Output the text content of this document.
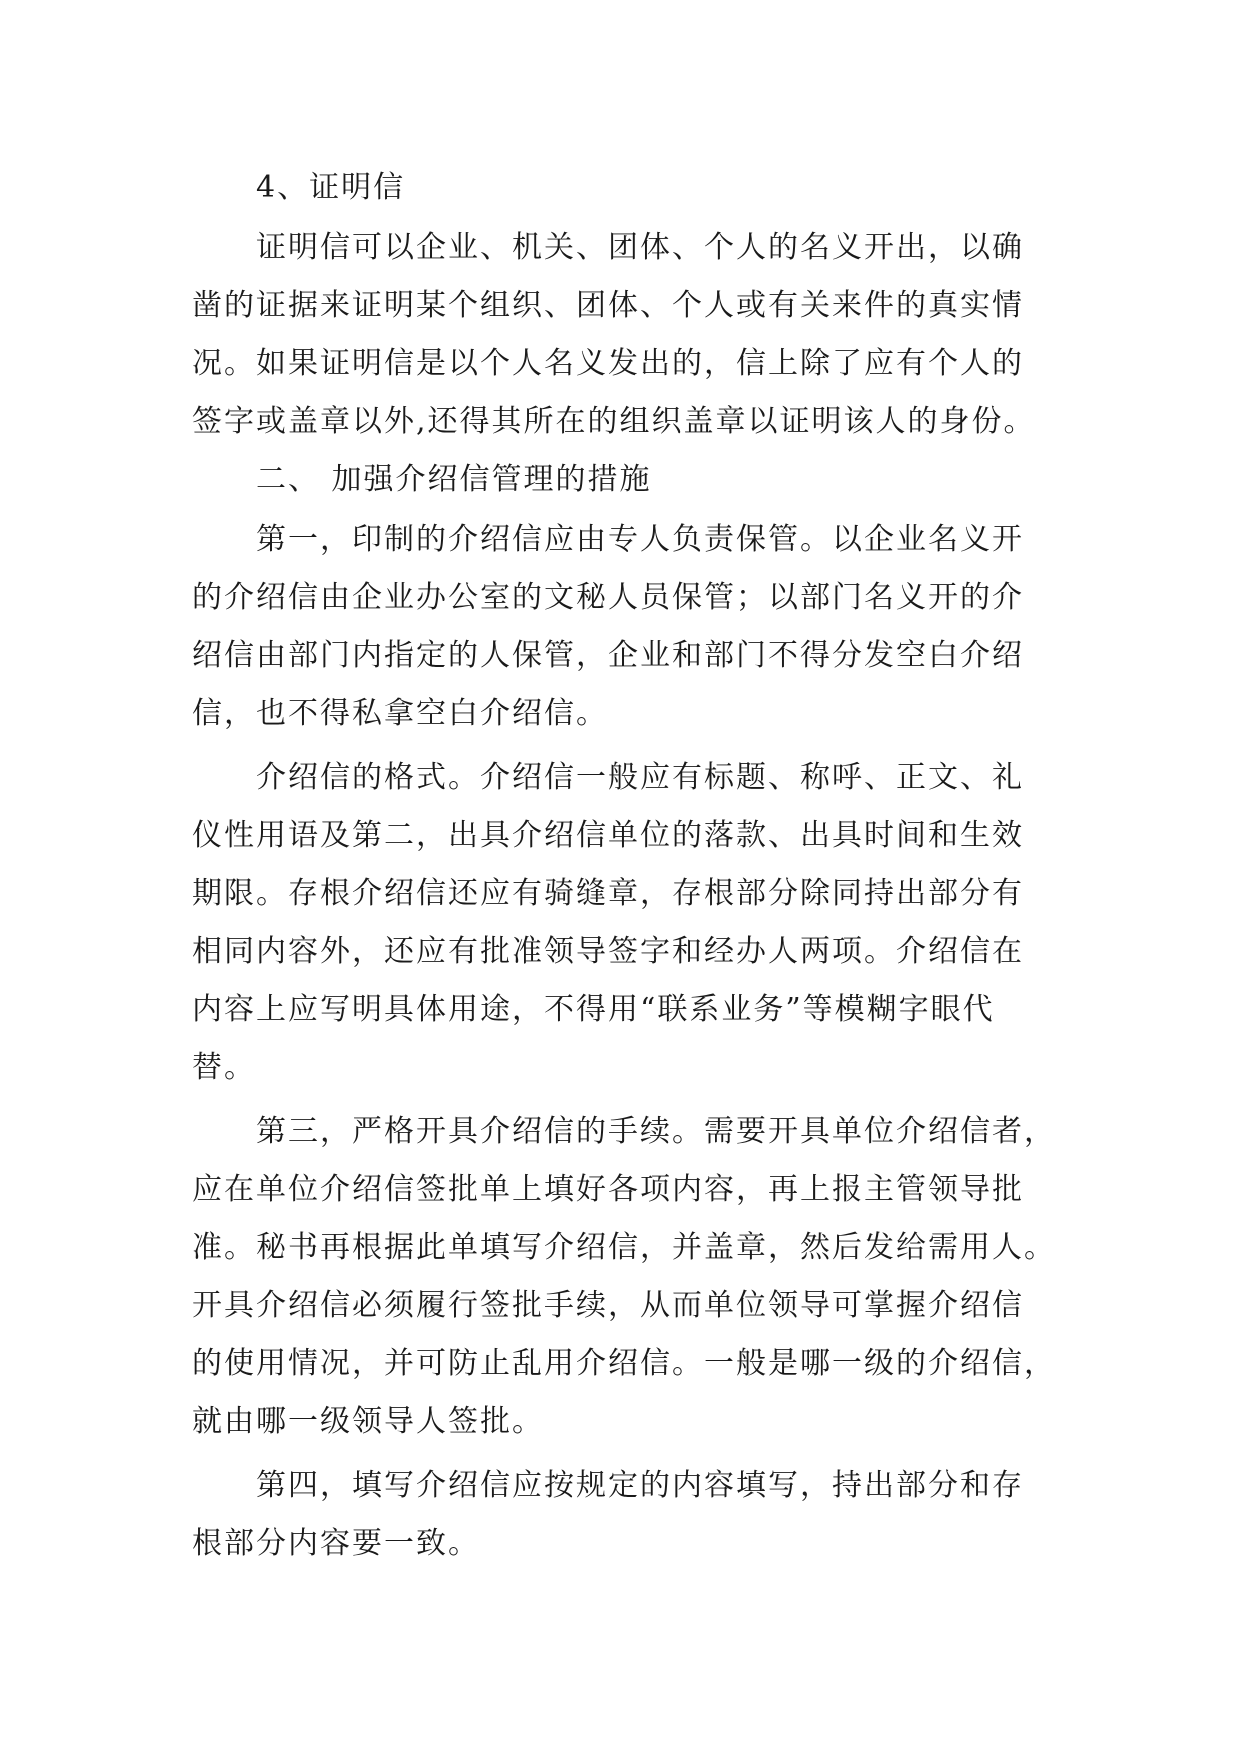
4、证明信
证明信可以企业、机关、团体、个人的名义开出，以确
凿的证据来证明某个组织、团体、个人或有关来件的真实情
况。如果证明信是以个人名义发出的，信上除了应有个人的
签字或盖章以外,还得其所在的组织盖章以证明该人的身份。
二、 加强介绍信管理的措施
第一，印制的介绍信应由专人负责保管。以企业名义开
的介绍信由企业办公室的文秘人员保管；以部门名义开的介
绍信由部门内指定的人保管，企业和部门不得分发空白介绍
信，也不得私拿空白介绍信。
介绍信的格式。介绍信一般应有标题、称呼、正文、礼
仪性用语及第二，出具介绍信单位的落款、出具时间和生效
期限。存根介绍信还应有骑缝章，存根部分除同持出部分有
相同内容外，还应有批准领导签字和经办人两项。介绍信在
内容上应写明具体用途，不得用“联系业务”等模糊字眼代
替。
第三，严格开具介绍信的手续。需要开具单位介绍信者，
应在单位介绍信签批单上填好各项内容，再上报主管领导批
准。秘书再根据此单填写介绍信，并盖章，然后发给需用人。
开具介绍信必须履行签批手续，从而单位领导可掌握介绍信
的使用情况，并可防止乱用介绍信。一般是哪一级的介绍信，
就由哪一级领导人签批。
第四，填写介绍信应按规定的内容填写，持出部分和存
根部分内容要一致。
